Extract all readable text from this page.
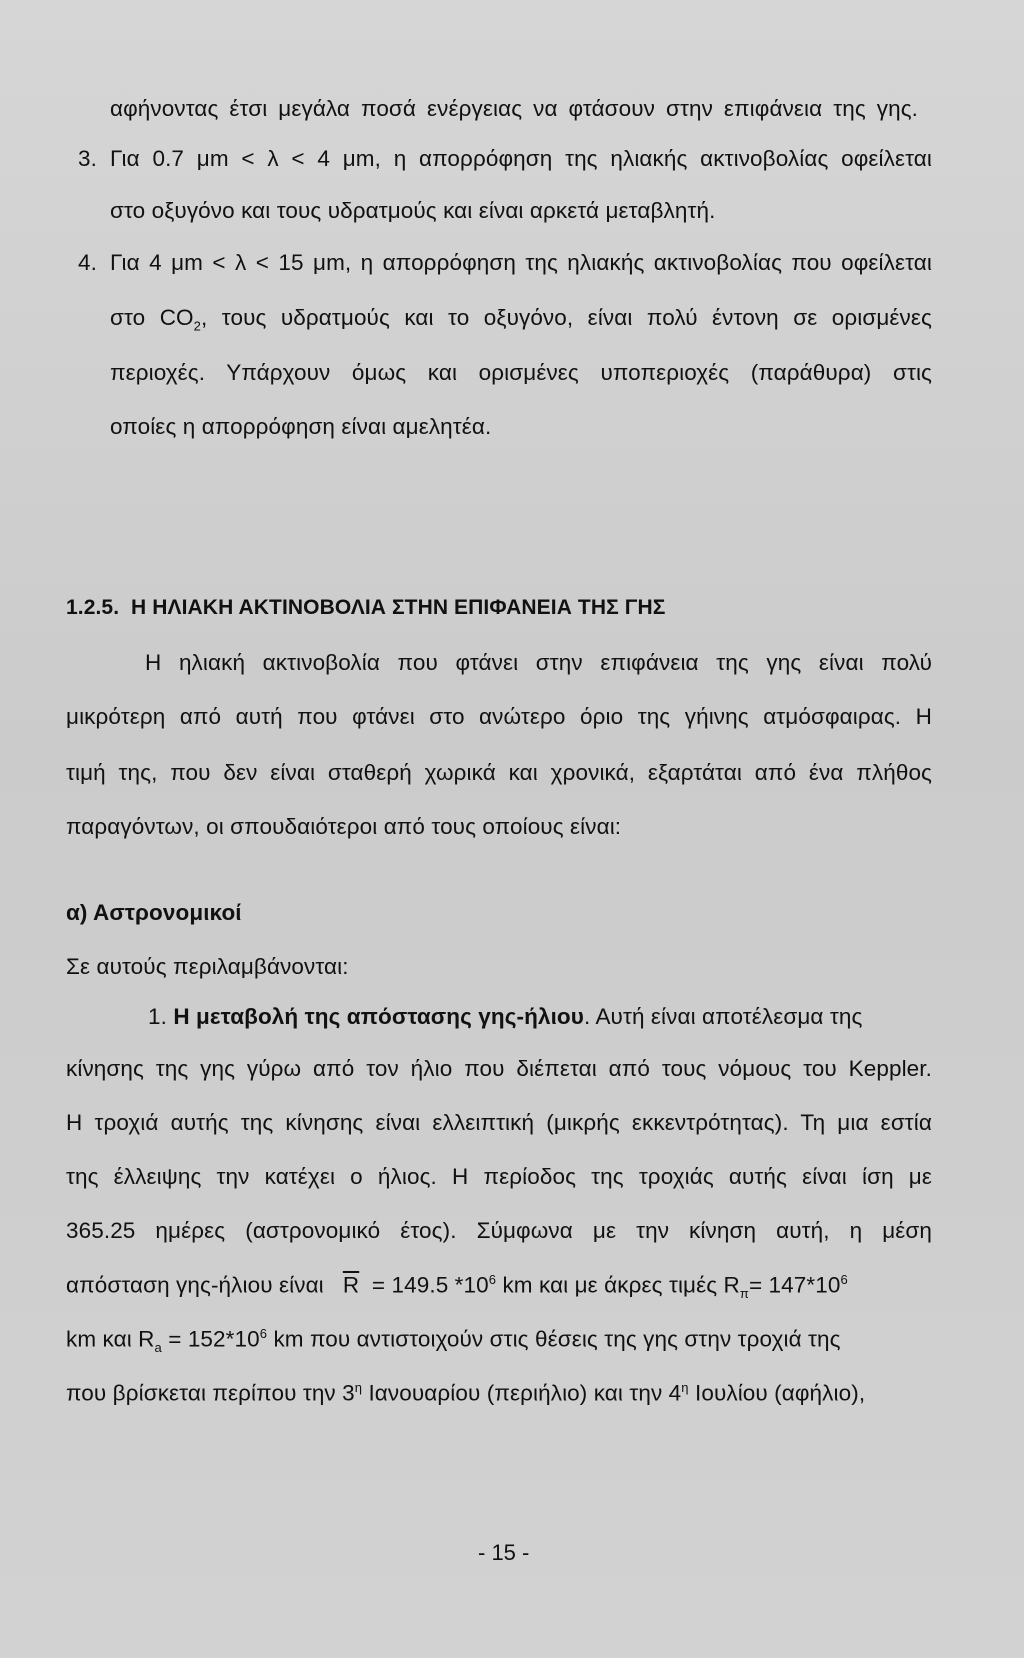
αφήνοντας έτσι μεγάλα ποσά ενέργειας να φτάσουν στην επιφάνεια της γης.
3. Για 0.7 μm < λ < 4 μm, η απορρόφηση της ηλιακής ακτινοβολίας οφείλεται
στο οξυγόνο και τους υδρατμούς και είναι αρκετά μεταβλητή.
4. Για 4 μm < λ < 15 μm, η απορρόφηση της ηλιακής ακτινοβολίας που οφείλεται
στο $CO_2$, τους υδρατμούς και το οξυγόνο, είναι πολύ έντονη σε ορισμένες
περιοχές. Υπάρχουν όμως και ορισμένες υποπεριοχές (παράθυρα) στις
οποίες η απορρόφηση είναι αμελητέα.
1.2.5. Η ΗΛΙΑΚΗ ΑΚΤΙΝΟΒΟΛΙΑ ΣΤΗΝ ΕΠΙΦΑΝΕΙΑ ΤΗΣ ΓΗΣ
Η ηλιακή ακτινοβολία που φτάνει στην επιφάνεια της γης είναι πολύ
μικρότερη από αυτή που φτάνει στο ανώτερο όριο της γήινης ατμόσφαιρας. Η
τιμή της, που δεν είναι σταθερή χωρικά και χρονικά, εξαρτάται από ένα πλήθος
παραγόντων, οι σπουδαιότεροι από τους οποίους είναι:
α) Αστρονομικοί
Σε αυτούς περιλαμβάνονται:
1. Η μεταβολή της απόστασης γης-ήλιου. Αυτή είναι αποτέλεσμα της
κίνησης της γης γύρω από τον ήλιο που διέπεται από τους νόμους του Keppler.
Η τροχιά αυτής της κίνησης είναι ελλειπτική (μικρής εκκεντρότητας). Τη μια εστία
της έλλειψης την κατέχει ο ήλιος. Η περίοδος της τροχιάς αυτής είναι ίση με
365.25 ημέρες (αστρονομικό έτος). Σύμφωνα με την κίνηση αυτή, η μέση
απόσταση γης-ήλιου είναι $\overline{R} = 149.5$ $*10^6$ km και με άκρες τιμές $R_\pi= 147*10^6$
km και $R_a = 152*10^6$ km που αντιστοιχούν στις θέσεις της γης στην τροχιά της
που βρίσκεται περίπου την $3^\eta$ Ιανουαρίου (περιήλιο) και την $4^\eta$ Ιουλίου (αφήλιο),
- 15 -
